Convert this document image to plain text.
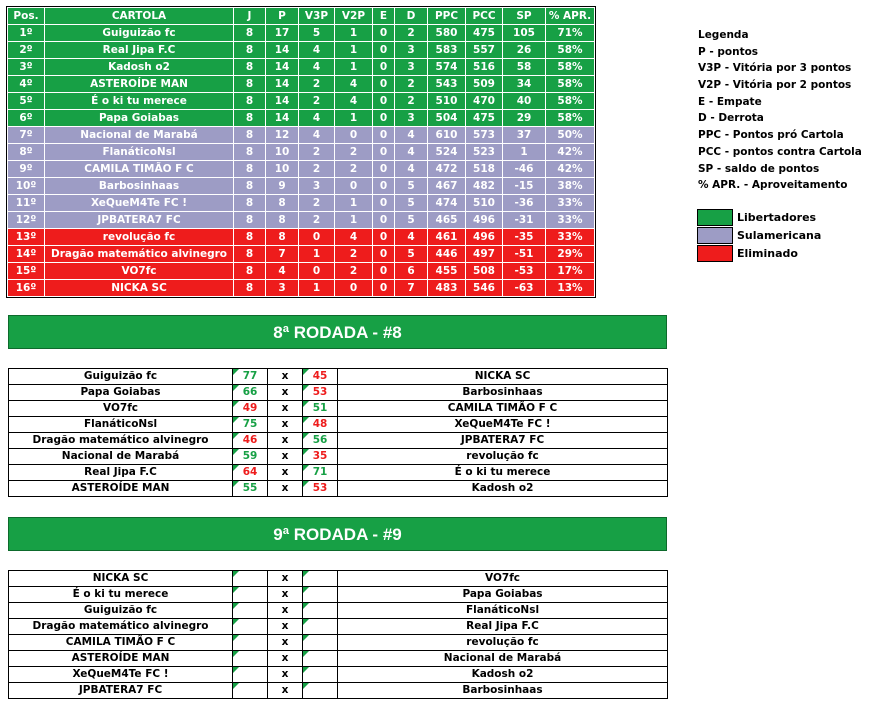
Pos.	CARTOLA	J	P	V3P	V2P	E	D	PPC	PCC	SP	% APR.
1º	Guiguizão fc	8	17	5	1	0	2	580	475	105	71%
2º	Real Jipa F.C	8	14	4	1	0	3	583	557	26	58%
3º	Kadosh o2	8	14	4	1	0	3	574	516	58	58%
4º	ASTEROÍDE MAN	8	14	2	4	0	2	543	509	34	58%
5º	É o ki tu merece	8	14	2	4	0	2	510	470	40	58%
6º	Papa Goiabas	8	14	4	1	0	3	504	475	29	58%
7º	Nacional de Marabá	8	12	4	0	0	4	610	573	37	50%
8º	FlanáticoNsl	8	10	2	2	0	4	524	523	1	42%
9º	CAMILA TIMÃO F C	8	10	2	2	0	4	472	518	-46	42%
10º	Barbosinhaas	8	9	3	0	0	5	467	482	-15	38%
11º	XeQueM4Te FC !	8	8	2	1	0	5	474	510	-36	33%
12º	JPBATERA7 FC	8	8	2	1	0	5	465	496	-31	33%
13º	revolução fc	8	8	0	4	0	4	461	496	-35	33%
14º	Dragão matemático alvinegro	8	7	1	2	0	5	446	497	-51	29%
15º	VO7fc	8	4	0	2	0	6	455	508	-53	17%
16º	NICKA SC	8	3	1	0	0	7	483	546	-63	13%
Legenda
P - pontos
V3P - Vitória por 3 pontos
V2P - Vitória por 2 pontos
E - Empate
D - Derrota
PPC - Pontos pró Cartola
PCC - pontos contra Cartola
SP - saldo de pontos
% APR. - Aproveitamento
Libertadores
Sulamericana
Eliminado
8ª RODADA - #8
Guiguizão fc	77	x	45	NICKA SC
Papa Goiabas	66	x	53	Barbosinhaas
VO7fc	49	x	51	CAMILA TIMÃO F C
FlanáticoNsl	75	x	48	XeQueM4Te FC !
Dragão matemático alvinegro	46	x	56	JPBATERA7 FC
Nacional de Marabá	59	x	35	revolução fc
Real Jipa F.C	64	x	71	É o ki tu merece
ASTEROÍDE MAN	55	x	53	Kadosh o2
9ª RODADA - #9
NICKA SC		x		VO7fc
É o ki tu merece		x		Papa Goiabas
Guiguizão fc		x		FlanáticoNsl
Dragão matemático alvinegro		x		Real Jipa F.C
CAMILA TIMÃO F C		x		revolução fc
ASTEROÍDE MAN		x		Nacional de Marabá
XeQueM4Te FC !		x		Kadosh o2
JPBATERA7 FC		x		Barbosinhaas
